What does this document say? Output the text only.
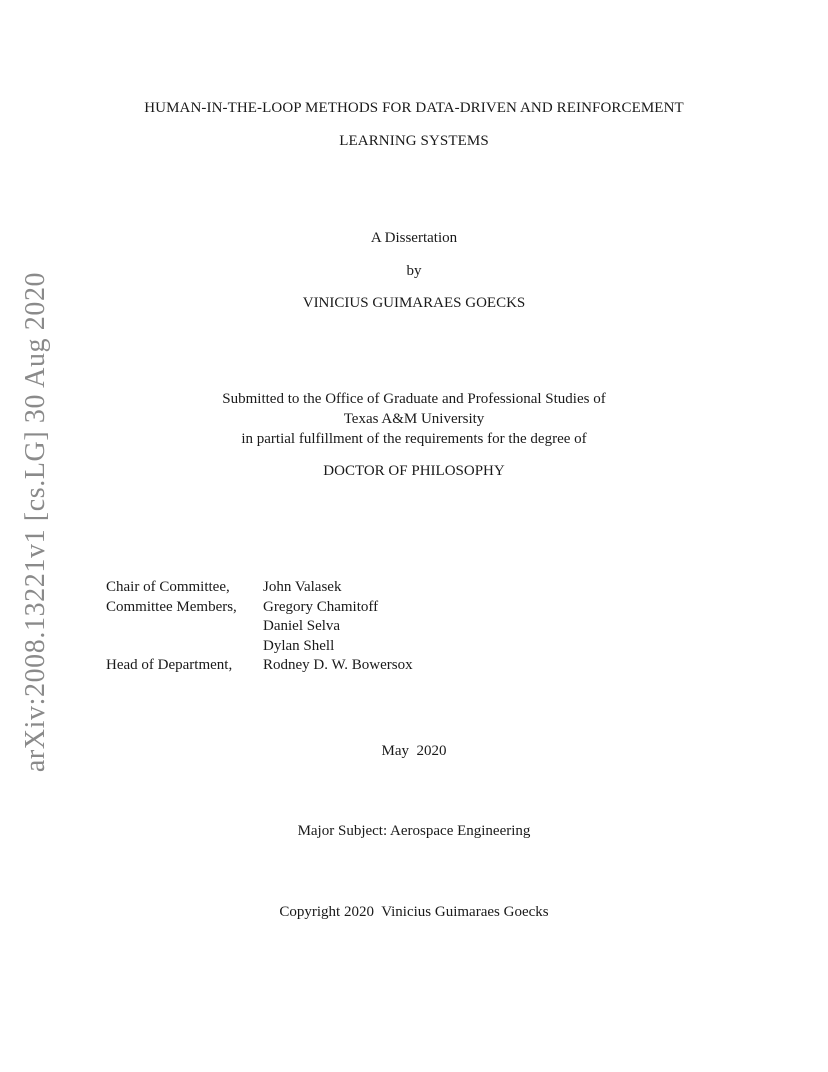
arXiv:2008.13221v1 [cs.LG] 30 Aug 2020
HUMAN-IN-THE-LOOP METHODS FOR DATA-DRIVEN AND REINFORCEMENT
LEARNING SYSTEMS
A Dissertation
by
VINICIUS GUIMARAES GOECKS
Submitted to the Office of Graduate and Professional Studies of
Texas A&M University
in partial fulfillment of the requirements for the degree of
DOCTOR OF PHILOSOPHY
Chair of Committee,	John Valasek
Committee Members,	Gregory Chamitoff
Daniel Selva
Dylan Shell
Head of Department,	Rodney D. W. Bowersox
May  2020
Major Subject: Aerospace Engineering
Copyright 2020  Vinicius Guimaraes Goecks
